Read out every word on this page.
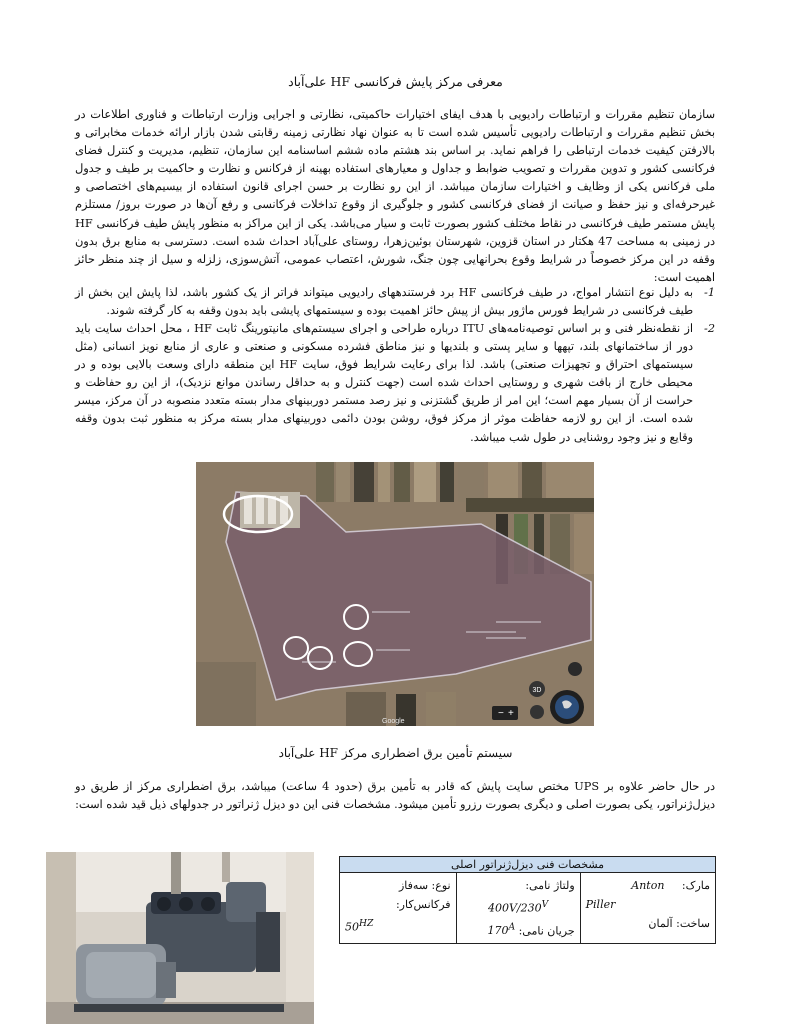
معرفی مرکز پایش فرکانسی HF علی‌آباد
سازمان تنظیم مقررات و ارتباطات رادیویی با هدف ایفای اختیارات حاکمیتی، نظارتی و اجرایی وزارت ارتباطات و فناوری اطلاعات در بخش تنظیم مقررات و ارتباطات رادیویی تأسیس شده است تا به عنوان نهاد نظارتی زمینه رقابتی شدن بازار ارائه خدمات مخابراتی و بالارفتن کیفیت خدمات ارتباطی را فراهم نماید. بر اساس بند هشتم ماده ششم اساسنامه این سازمان، تنظیم، مدیریت و کنترل فضای فرکانسی کشور و تدوین مقررات و تصویب ضوابط و جداول و معیارهای استفاده بهینه از فرکانس و نظارت و حاکمیت بر طیف و جدول ملی فرکانس یکی از وظایف و اختیارات سازمان میباشد. از این رو نظارت بر حسن اجرای قانون استفاده از بیسیم‌های اختصاصی و غیرحرفه‌ای و نیز حفظ و صیانت از فضای فرکانسی کشور و جلوگیری از وقوع تداخلات فرکانسی و رفع آن‌ها در صورت بروز/ مستلزم پایش مستمر طیف فرکانسی در نقاط مختلف کشور بصورت ثابت و سیار می‌باشد. یکی از این مراکز به منظور پایش طیف فرکانسی HF در زمینی به مساحت 47 هکتار در استان قزوین، شهرستان بوئین‌زهرا، روستای علی‌آباد احداث شده است. دسترسی به منابع برق بدون وقفه در این مرکز خصوصاً در شرایط وقوع بحرانهایی چون جنگ، شورش، اعتصاب عمومی، آتش‌سوزی، زلزله و سیل از چند منظر حائز اهمیت است:
1-
به دلیل نوع انتشار امواج، در طیف فرکانسی HF برد فرستندههای رادیویی میتواند فراتر از یک کشور باشد، لذا پایش این بخش از طیف فرکانسی در شرایط فورس ماژور بیش از پیش حائز اهمیت بوده و سیستمهای پایشی باید بدون وقفه به کار گرفته شوند.
2-
از نقطه‌نظر فنی و بر اساس توصیه‌نامه‌های ITU درباره طراحی و اجرای سیستم‌های مانیتورینگ ثابت HF ، محل احداث سایت باید دور از ساختمانهای بلند، تپهها و سایر پستی و بلندیها و نیز مناطق فشرده مسکونی و صنعتی و عاری از منابع نویز انسانی (مثل سیستمهای احتراق و تجهیزات صنعتی) باشد. لذا برای رعایت شرایط فوق، سایت HF این منطقه دارای وسعت بالایی بوده و در محیطی خارج از بافت شهری و روستایی احداث شده است (جهت کنترل و به حداقل رساندن موانع نزدیک)، از این رو حفاظت و حراست از آن بسیار مهم است؛ این امر از طریق گشتزنی و نیز رصد مستمر دوربینهای مدار بسته متعدد منصوبه در آن مرکز، میسر شده است. از این رو لازمه حفاظت موثر از مرکز فوق، روشن بودن دائمی دوربینهای مدار بسته مرکز به منظور ثبت بدون وقفه وقایع و نیز وجود روشنایی در طول شب میباشد.
3D
− +
Google
سیستم تأمین برق اضطراری مرکز HF علی‌آباد
در حال حاضر علاوه بر UPS مختص سایت پایش که قادر به تأمین برق (حدود 4 ساعت) میباشد، برق اضطراری مرکز از طریق دو دیزل‌ژنراتور، یکی بصورت اصلی و دیگری بصورت رزرو تأمین میشود. مشخصات فنی این دو دیزل ژنراتور در جدولهای ذیل قید شده است:
مشخصات فنی دیزل‌ژنراتور اصلی

مارک:     Anton
Piller
ساخت: آلمان

ولتاژ نامی:
$400V/230^V$
جریان نامی: $170^A$

نوع: سه‌فاز
فرکانس‌کار:
$50^{HZ}$
